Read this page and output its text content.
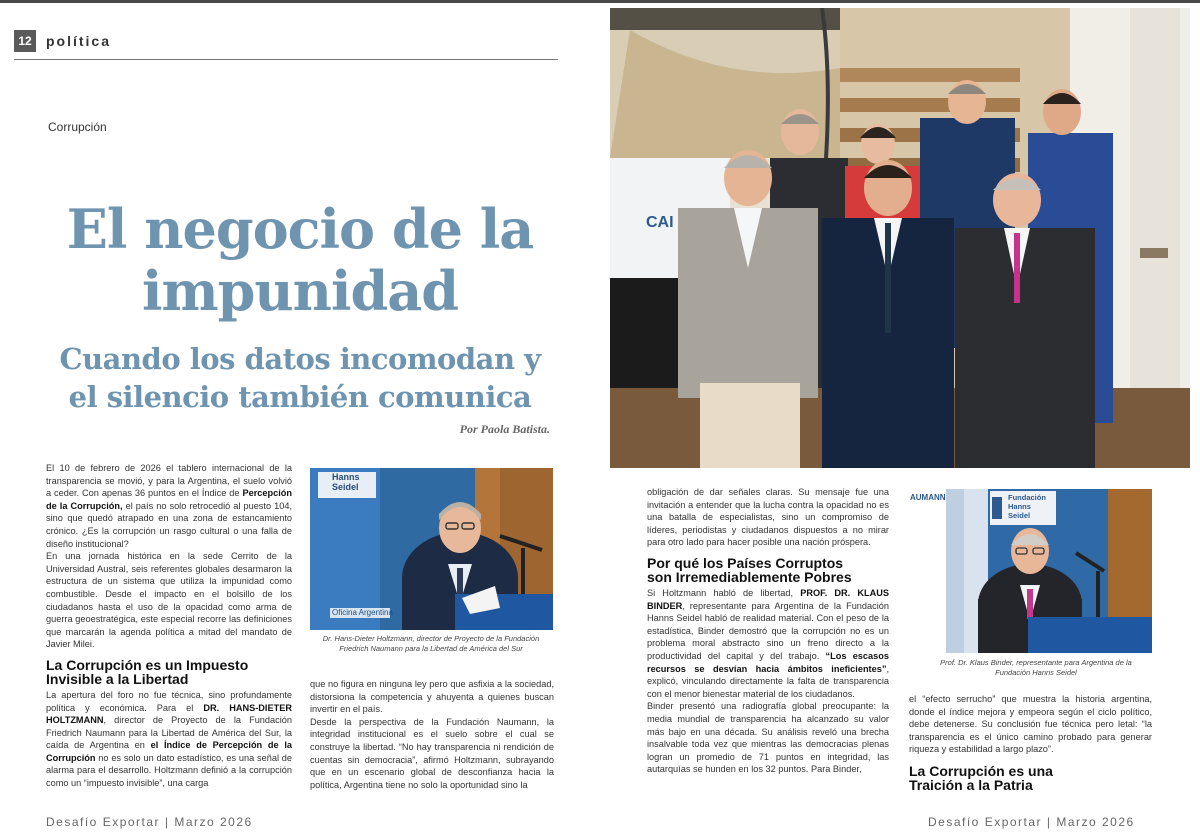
12	política
Corrupción
El negocio de la
impunidad
Cuando los datos incomodan y
el silencio también comunica
Por Paola Batista.

El 10 de febrero de 2026 el tablero internacional de la transparencia se movió, y para la Argentina, el suelo volvió a ceder. Con apenas 36 puntos en el Índice de Percepción de la Corrupción, el país no solo retrocedió al puesto 104, sino que quedó atrapado en una zona de estancamiento crónico. ¿Es la corrupción un rasgo cultural o una falla de diseño institucional?

En una jornada histórica en la sede Cerrito de la Universidad Austral, seis referentes globales desarmaron la estructura de un sistema que utiliza la impunidad como combustible. Desde el impacto en el bolsillo de los ciudadanos hasta el uso de la opacidad como arma de guerra geoestratégica, este especial recorre las definiciones que marcarán la agenda política a mitad del mandato de Javier Milei.

La Corrupción es un Impuesto
Invisible a la Libertad

La apertura del foro no fue técnica, sino profundamente política y económica. Para el DR. HANS-DIETER HOLTZMANN, director de Proyecto de la Fundación Friedrich Naumann para la Libertad de América del Sur, la caída de Argentina en el Índice de Percepción de la Corrupción no es solo un dato estadístico, es una señal de alarma para el desarrollo. Holtzmann definió a la corrupción como un “impuesto invisible”, una carga

Hanns
Seidel
Oficina Argentina
Dr. Hans-Dieter Holtzmann, director de Proyecto de la Fundación
Friedrich Naumann para la Libertad de América del Sur

que no figura en ninguna ley pero que asfixia a la sociedad, distorsiona la competencia y ahuyenta a quienes buscan invertir en el país.

Desde la perspectiva de la Fundación Naumann, la integridad institucional es el suelo sobre el cual se construye la libertad. “No hay transparencia ni rendición de cuentas sin democracia”, afirmó Holtzmann, subrayando que en un escenario global de desconfianza hacia la política, Argentina tiene no solo la oportunidad sino la

CAI

obligación de dar señales claras. Su mensaje fue una invitación a entender que la lucha contra la opacidad no es una batalla de especialistas, sino un compromiso de líderes, periodistas y ciudadanos dispuestos a no mirar para otro lado para hacer posible una nación próspera.

Por qué los Países Corruptos
son Irremediablemente Pobres

Si Holtzmann habló de libertad, PROF. DR. KLAUS BINDER, representante para Argentina de la Fundación Hanns Seidel habló de realidad material. Con el peso de la estadística, Binder demostró que la corrupción no es un problema moral abstracto sino un freno directo a la productividad del capital y del trabajo. “Los escasos recursos se desvían hacia ámbitos ineficientes”, explicó, vinculando directamente la falta de transparencia con el menor bienestar material de los ciudadanos.

Binder presentó una radiografía global preocupante: la media mundial de transparencia ha alcanzado su valor más bajo en una década. Su análisis reveló una brecha insalvable toda vez que mientras las democracias plenas logran un promedio de 71 puntos en integridad, las autarquías se hunden en los 32 puntos. Para Binder,

AUMANN	Fundación
Hanns
Seidel
Prof. Dr. Klaus Binder, representante para Argentina de la
Fundación Hanns Seidel

el “efecto serrucho” que muestra la historia argentina, donde el índice mejora y empeora según el ciclo político, debe detenerse. Su conclusión fue técnica pero letal: “la transparencia es el único camino probado para generar riqueza y estabilidad a largo plazo”.

La Corrupción es una
Traición a la Patria
Desafío Exportar | Marzo 2026	Desafío Exportar | Marzo 2026
